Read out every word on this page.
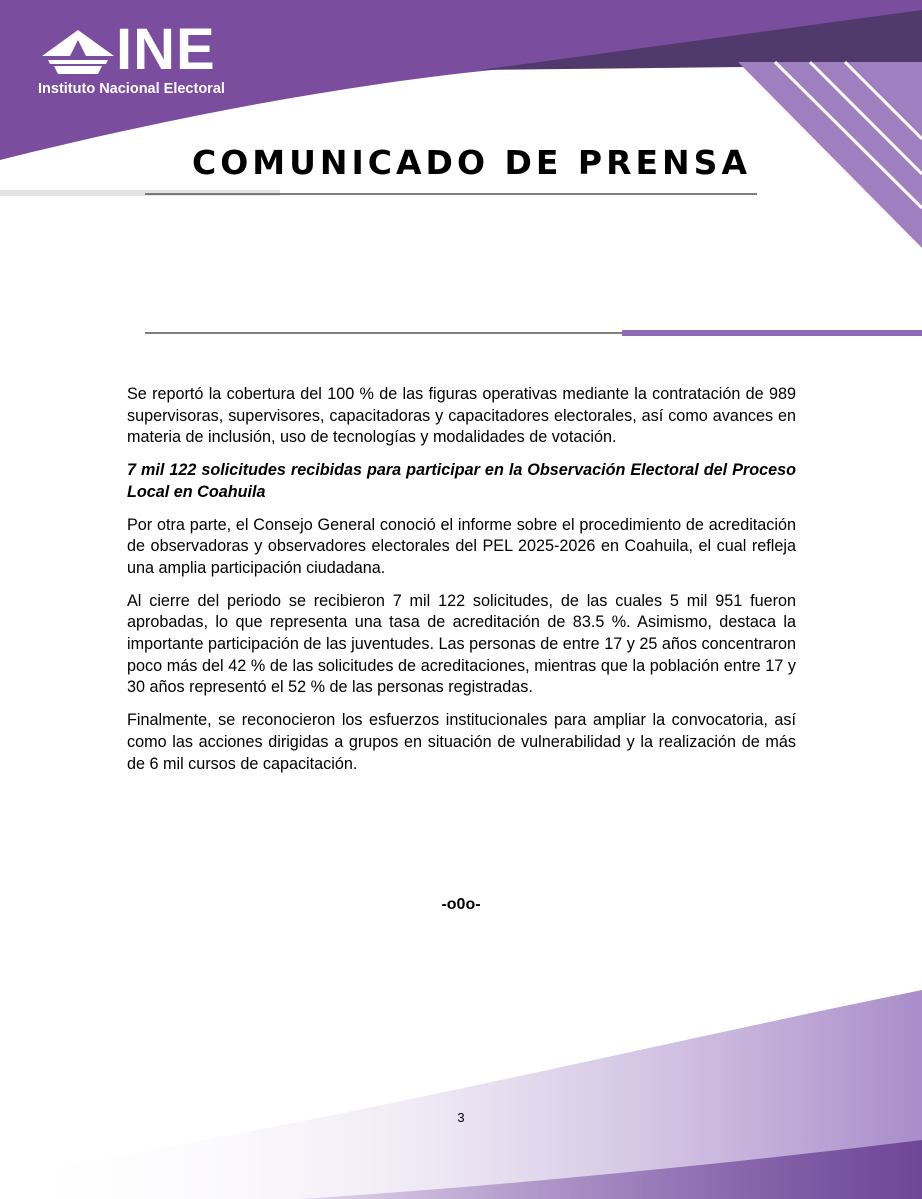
INE
Instituto Nacional Electoral
COMUNICADO DE PRENSA

Se reportó la cobertura del 100 % de las figuras operativas mediante la contratación de 989 supervisoras, supervisores, capacitadoras y capacitadores electorales, así como avances en materia de inclusión, uso de tecnologías y modalidades de votación.

7 mil 122 solicitudes recibidas para participar en la Observación Electoral del Proceso Local en Coahuila

Por otra parte, el Consejo General conoció el informe sobre el procedimiento de acreditación de observadoras y observadores electorales del PEL 2025-2026 en Coahuila, el cual refleja una amplia participación ciudadana.

Al cierre del periodo se recibieron 7 mil 122 solicitudes, de las cuales 5 mil 951 fueron aprobadas, lo que representa una tasa de acreditación de 83.5 %. Asimismo, destaca la importante participación de las juventudes. Las personas de entre 17 y 25 años concentraron poco más del 42 % de las solicitudes de acreditaciones, mientras que la población entre 17 y 30 años representó el 52 % de las personas registradas.

Finalmente, se reconocieron los esfuerzos institucionales para ampliar la convocatoria, así como las acciones dirigidas a grupos en situación de vulnerabilidad y la realización de más de 6 mil cursos de capacitación.

-o0o-
3
